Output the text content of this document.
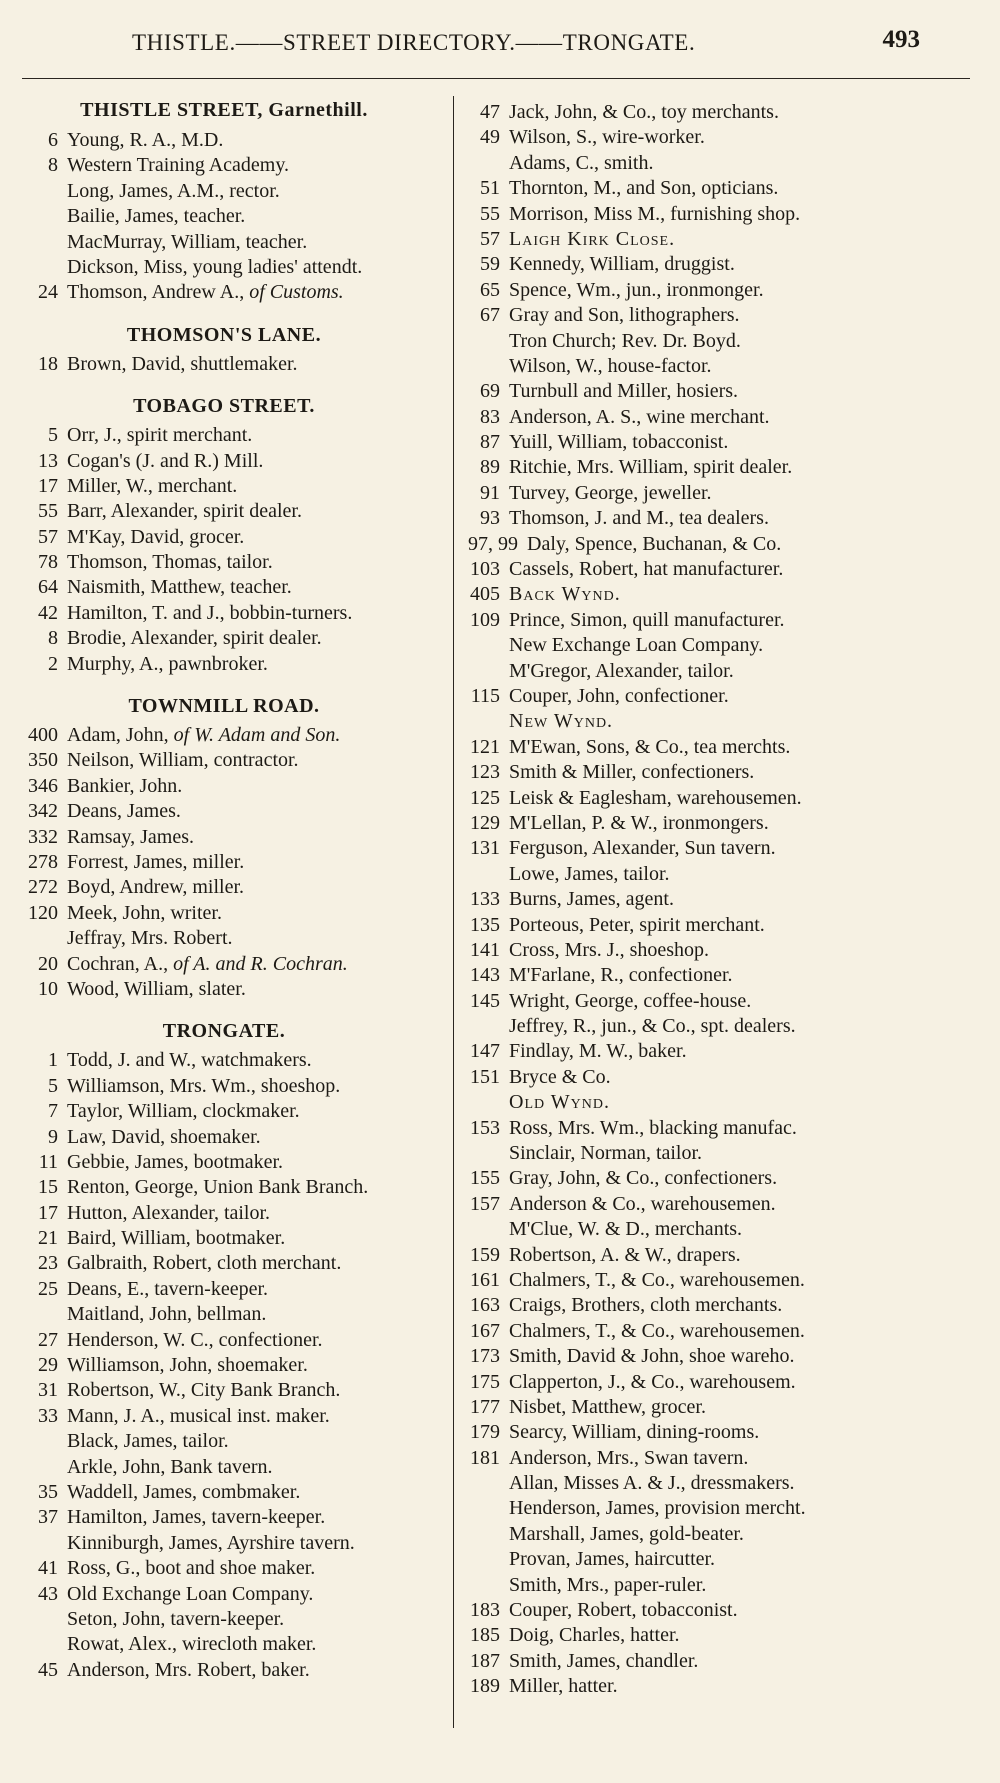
THISTLE.——STREET DIRECTORY.——TRONGATE.	493
THISTLE STREET, Garnethill.
6 Young, R. A., M.D.
8 Western Training Academy.
Long, James, A.M., rector.
Bailie, James, teacher.
MacMurray, William, teacher.
Dickson, Miss, young ladies' attendt.
24 Thomson, Andrew A., of Customs.
THOMSON'S LANE.
18 Brown, David, shuttlemaker.
TOBAGO STREET.
5 Orr, J., spirit merchant.
13 Cogan's (J. and R.) Mill.
17 Miller, W., merchant.
55 Barr, Alexander, spirit dealer.
57 M'Kay, David, grocer.
78 Thomson, Thomas, tailor.
64 Naismith, Matthew, teacher.
42 Hamilton, T. and J., bobbin-turners.
8 Brodie, Alexander, spirit dealer.
2 Murphy, A., pawnbroker.
TOWNMILL ROAD.
400 Adam, John, of W. Adam and Son.
350 Neilson, William, contractor.
346 Bankier, John.
342 Deans, James.
332 Ramsay, James.
278 Forrest, James, miller.
272 Boyd, Andrew, miller.
120 Meek, John, writer.
Jeffray, Mrs. Robert.
20 Cochran, A., of A. and R. Cochran.
10 Wood, William, slater.
TRONGATE.
1 Todd, J. and W., watchmakers.
5 Williamson, Mrs. Wm., shoeshop.
7 Taylor, William, clockmaker.
9 Law, David, shoemaker.
11 Gebbie, James, bootmaker.
15 Renton, George, Union Bank Branch.
17 Hutton, Alexander, tailor.
21 Baird, William, bootmaker.
23 Galbraith, Robert, cloth merchant.
25 Deans, E., tavern-keeper.
Maitland, John, bellman.
27 Henderson, W. C., confectioner.
29 Williamson, John, shoemaker.
31 Robertson, W., City Bank Branch.
33 Mann, J. A., musical inst. maker.
Black, James, tailor.
Arkle, John, Bank tavern.
35 Waddell, James, combmaker.
37 Hamilton, James, tavern-keeper.
Kinniburgh, James, Ayrshire tavern.
41 Ross, G., boot and shoe maker.
43 Old Exchange Loan Company.
Seton, John, tavern-keeper.
Rowat, Alex., wirecloth maker.
45 Anderson, Mrs. Robert, baker.
47 Jack, John, & Co., toy merchants.
49 Wilson, S., wire-worker.
Adams, C., smith.
51 Thornton, M., and Son, opticians.
55 Morrison, Miss M., furnishing shop.
57 Laigh Kirk Close.
59 Kennedy, William, druggist.
65 Spence, Wm., jun., ironmonger.
67 Gray and Son, lithographers.
Tron Church; Rev. Dr. Boyd.
Wilson, W., house-factor.
69 Turnbull and Miller, hosiers.
83 Anderson, A. S., wine merchant.
87 Yuill, William, tobacconist.
89 Ritchie, Mrs. William, spirit dealer.
91 Turvey, George, jeweller.
93 Thomson, J. and M., tea dealers.
97, 99 Daly, Spence, Buchanan, & Co.
103 Cassels, Robert, hat manufacturer.
405 Back Wynd.
109 Prince, Simon, quill manufacturer.
New Exchange Loan Company.
M'Gregor, Alexander, tailor.
115 Couper, John, confectioner.
New Wynd.
121 M'Ewan, Sons, & Co., tea merchts.
123 Smith & Miller, confectioners.
125 Leisk & Eaglesham, warehousemen.
129 M'Lellan, P. & W., ironmongers.
131 Ferguson, Alexander, Sun tavern.
Lowe, James, tailor.
133 Burns, James, agent.
135 Porteous, Peter, spirit merchant.
141 Cross, Mrs. J., shoeshop.
143 M'Farlane, R., confectioner.
145 Wright, George, coffee-house.
Jeffrey, R., jun., & Co., spt. dealers.
147 Findlay, M. W., baker.
151 Bryce & Co.
Old Wynd.
153 Ross, Mrs. Wm., blacking manufac.
Sinclair, Norman, tailor.
155 Gray, John, & Co., confectioners.
157 Anderson & Co., warehousemen.
M'Clue, W. & D., merchants.
159 Robertson, A. & W., drapers.
161 Chalmers, T., & Co., warehousemen.
163 Craigs, Brothers, cloth merchants.
167 Chalmers, T., & Co., warehousemen.
173 Smith, David & John, shoe wareho.
175 Clapperton, J., & Co., warehousem.
177 Nisbet, Matthew, grocer.
179 Searcy, William, dining-rooms.
181 Anderson, Mrs., Swan tavern.
Allan, Misses A. & J., dressmakers.
Henderson, James, provision mercht.
Marshall, James, gold-beater.
Provan, James, haircutter.
Smith, Mrs., paper-ruler.
183 Couper, Robert, tobacconist.
185 Doig, Charles, hatter.
187 Smith, James, chandler.
189 Miller, hatter.
